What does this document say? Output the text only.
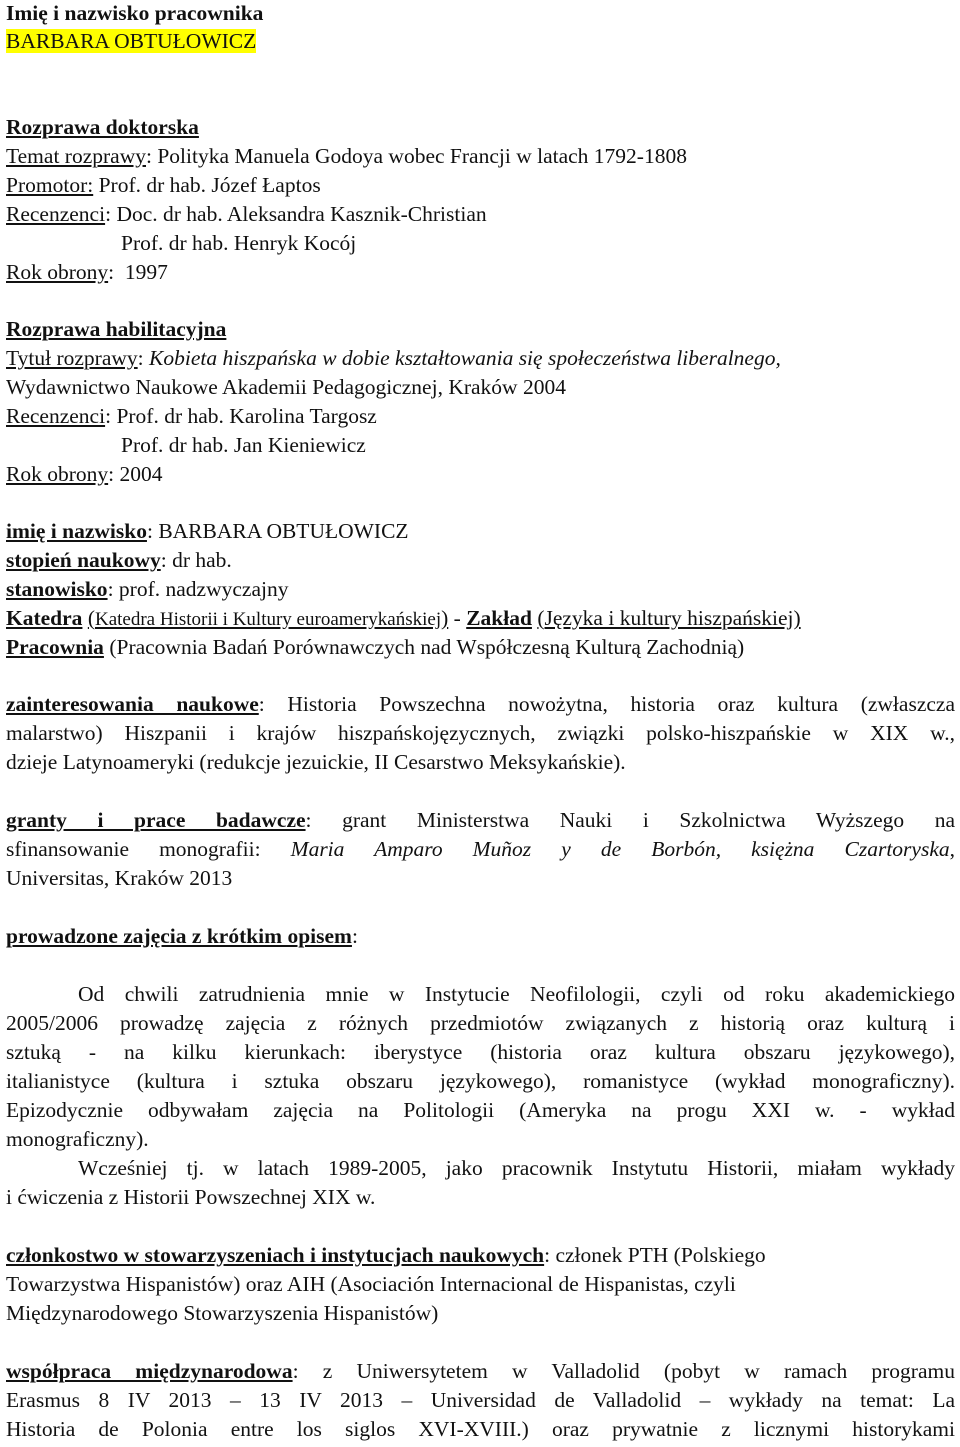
Imię i nazwisko pracownika
BARBARA OBTUŁOWICZ
Rozprawa doktorska
Temat rozprawy: Polityka Manuela Godoya wobec Francji w latach 1792-1808
Promotor: Prof. dr hab. Józef Łaptos
Recenzenci: Doc. dr hab. Aleksandra Kasznik-Christian
Prof. dr hab. Henryk Kocój
Rok obrony:  1997
Rozprawa habilitacyjna
Tytuł rozprawy: Kobieta hiszpańska w dobie kształtowania się społeczeństwa liberalnego,
Wydawnictwo Naukowe Akademii Pedagogicznej, Kraków 2004
Recenzenci: Prof. dr hab. Karolina Targosz
Prof. dr hab. Jan Kieniewicz
Rok obrony: 2004
imię i nazwisko: BARBARA OBTUŁOWICZ
stopień naukowy: dr hab.
stanowisko: prof. nadzwyczajny
Katedra (Katedra Historii i Kultury euroamerykańskiej) - Zakład (Języka i kultury hiszpańskiej)
Pracownia (Pracownia Badań Porównawczych nad Współczesną Kulturą Zachodnią)
zainteresowania naukowe: Historia Powszechna nowożytna, historia oraz kultura (zwłaszcza
malarstwo) Hiszpanii i krajów hiszpańskojęzycznych, związki polsko-hiszpańskie w XIX w.,
dzieje Latynoameryki (redukcje jezuickie, II Cesarstwo Meksykańskie).
granty i prace badawcze: grant Ministerstwa Nauki i Szkolnictwa Wyższego na
sfinansowanie monografii: Maria Amparo Muñoz y de Borbón, księżna Czartoryska,
Universitas, Kraków 2013
prowadzone zajęcia z krótkim opisem:
Od chwili zatrudnienia mnie w Instytucie Neofilologii, czyli od roku akademickiego
2005/2006 prowadzę zajęcia z różnych przedmiotów związanych z historią oraz kulturą i
sztuką - na kilku kierunkach: iberystyce (historia oraz kultura obszaru językowego),
italianistyce (kultura i sztuka obszaru językowego), romanistyce (wykład monograficzny).
Epizodycznie odbywałam zajęcia na Politologii (Ameryka na progu XXI w. - wykład
monograficzny).
Wcześniej tj. w latach 1989-2005, jako pracownik Instytutu Historii, miałam wykłady
i ćwiczenia z Historii Powszechnej XIX w.
członkostwo w stowarzyszeniach i instytucjach naukowych: członek PTH (Polskiego
Towarzystwa Hispanistów) oraz AIH (Asociación Internacional de Hispanistas, czyli
Międzynarodowego Stowarzyszenia Hispanistów)
współpraca międzynarodowa: z Uniwersytetem w Valladolid (pobyt w ramach programu
Erasmus 8 IV 2013 – 13 IV 2013 – Universidad de Valladolid – wykłady na temat: La
Historia de Polonia entre los siglos XVI-XVIII.) oraz prywatnie z licznymi historykami
